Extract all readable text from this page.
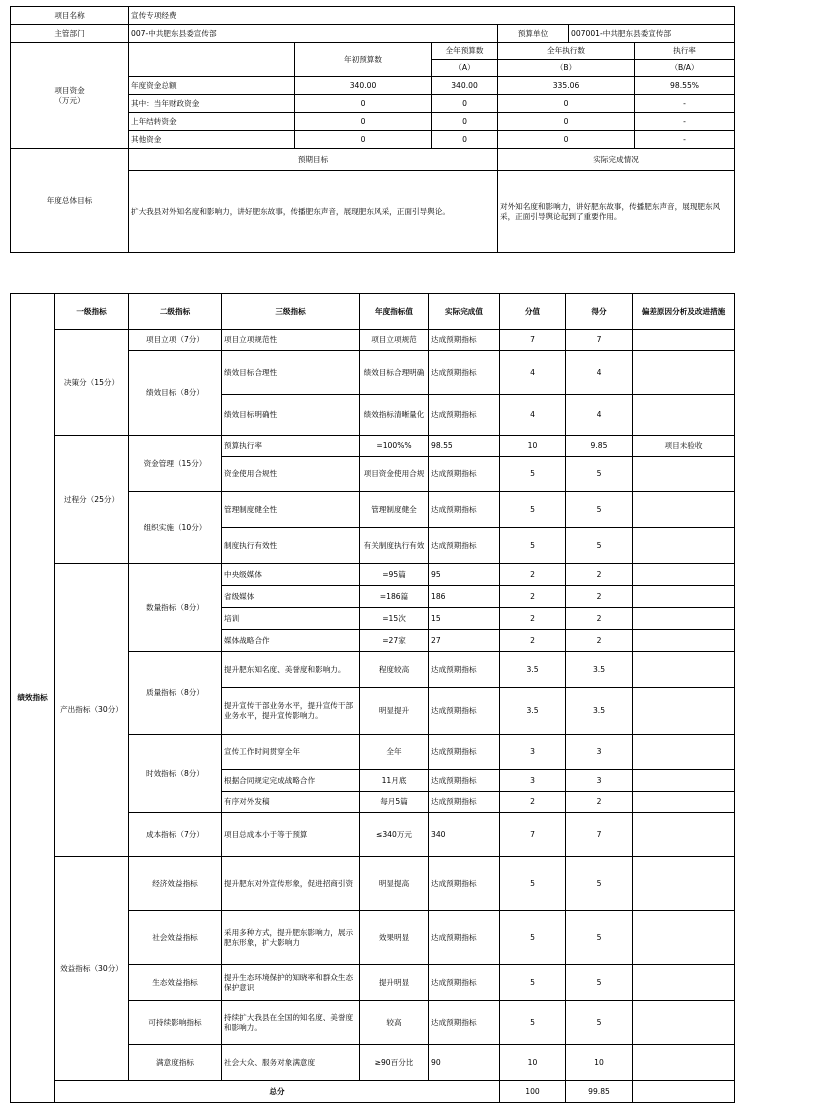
项目名称	宣传专项经费					
主管部门	007-中共肥东县委宣传部			预算单位	007001-中共肥东县委宣传部	
项目资金
（万元）		年初预算数	全年预算数	全年执行数		执行率
			（A）	（B）		（B/A）
	年度资金总额	340.00	340.00	335.06		98.55%
	其中：当年财政资金	0	0	0		-
	上年结转资金	0	0	0		-
	其他资金	0	0	0		-
年度总体目标	预期目标			实际完成情况		
	扩大我县对外知名度和影响力，讲好肥东故事，传播肥东声音，展现肥东风采，正面引导舆论。			对外知名度和影响力，讲好肥东故事，传播肥东声音，展现肥东风采，正面引导舆论起到了重要作用。		
绩效指标	一级指标	二级指标	三级指标	年度指标值	实际完成值	分值	得分	偏差原因分析及改进措施
	决策分（15分）	项目立项（7分）	项目立项规范性	项目立项规范	达成预期指标	7	7	
		绩效目标（8分）	绩效目标合理性	绩效目标合理明确	达成预期指标	4	4	
			绩效目标明确性	绩效指标清晰量化	达成预期指标	4	4	
	过程分（25分）	资金管理（15分）	预算执行率	=100%%	98.55	10	9.85	项目未验收
			资金使用合规性	项目资金使用合规	达成预期指标	5	5	
		组织实施（10分）	管理制度健全性	管理制度健全	达成预期指标	5	5	
			制度执行有效性	有关制度执行有效	达成预期指标	5	5	
	产出指标（30分）	数量指标（8分）	中央级媒体	=95篇	95	2	2	
			省级媒体	=186篇	186	2	2	
			培训	=15次	15	2	2	
			媒体战略合作	=27家	27	2	2	
		质量指标（8分）	提升肥东知名度、美誉度和影响力。	程度较高	达成预期指标	3.5	3.5	
			提升宣传干部业务水平，提升宣传干部业务水平，提升宣传影响力。	明显提升	达成预期指标	3.5	3.5	
		时效指标（8分）	宣传工作时间贯穿全年	全年	达成预期指标	3	3	
			根据合同规定完成战略合作	11月底	达成预期指标	3	3	
			有序对外发稿	每月5篇	达成预期指标	2	2	
		成本指标（7分）	项目总成本小于等于预算	≤340万元	340	7	7	
	效益指标（30分）	经济效益指标	提升肥东对外宣传形象，促进招商引资	明显提高	达成预期指标	5	5	
		社会效益指标	采用多种方式，提升肥东影响力，展示肥东形象，扩大影响力	效果明显	达成预期指标	5	5	
		生态效益指标	提升生态环境保护的知晓率和群众生态保护意识	提升明显	达成预期指标	5	5	
		可持续影响指标	持续扩大我县在全国的知名度、美誉度和影响力。	较高	达成预期指标	5	5	
		满意度指标	社会大众、服务对象满意度	≥90百分比	90	10	10	
	总分					100	99.85	
